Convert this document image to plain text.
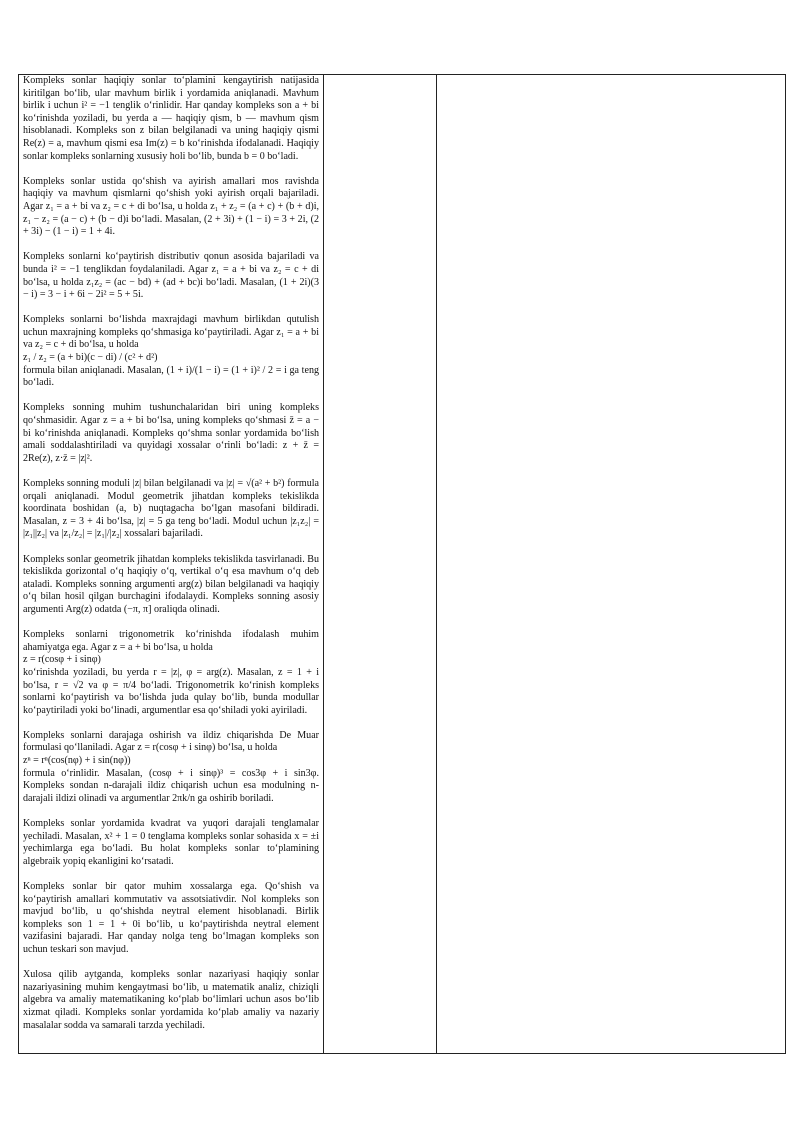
Kompleks sonlar haqiqiy sonlar to‘plamini kengaytirish natijasida kiritilgan bo‘lib, ular mavhum birlik i yordamida aniqlanadi. Mavhum birlik i uchun i² = −1 tenglik o‘rinlidir. Har qanday kompleks son a + bi ko‘rinishda yoziladi, bu yerda a — haqiqiy qism, b — mavhum qism hisoblanadi. Kompleks son z bilan belgilanadi va uning haqiqiy qismi Re(z) = a, mavhum qismi esa Im(z) = b ko‘rinishda ifodalanadi. Haqiqiy sonlar kompleks sonlarning xususiy holi bo‘lib, bunda b = 0 bo‘ladi.
Kompleks sonlar ustida qo‘shish va ayirish amallari mos ravishda haqiqiy va mavhum qismlarni qo‘shish yoki ayirish orqali bajariladi. Agar z₁ = a + bi va z₂ = c + di bo‘lsa, u holda z₁ + z₂ = (a + c) + (b + d)i, z₁ − z₂ = (a − c) + (b − d)i bo‘ladi. Masalan, (2 + 3i) + (1 − i) = 3 + 2i, (2 + 3i) − (1 − i) = 1 + 4i.
Kompleks sonlarni ko‘paytirish distributiv qonun asosida bajariladi va bunda i² = −1 tenglikdan foydalaniladi. Agar z₁ = a + bi va z₂ = c + di bo‘lsa, u holda z₁z₂ = (ac − bd) + (ad + bc)i bo‘ladi. Masalan, (1 + 2i)(3 − i) = 3 − i + 6i − 2i² = 5 + 5i.
Kompleks sonlarni bo‘lishda maxrajdagi mavhum birlikdan qutulish uchun maxrajning kompleks qo‘shmasiga ko‘paytiriladi. Agar z₁ = a + bi va z₂ = c + di bo‘lsa, u holda
z₁ / z₂ = (a + bi)(c − di) / (c² + d²)
formula bilan aniqlanadi. Masalan, (1 + i)/(1 − i) = (1 + i)² / 2 = i ga teng bo‘ladi.
Kompleks sonning muhim tushunchalaridan biri uning kompleks qo‘shmasidir. Agar z = a + bi bo‘lsa, uning kompleks qo‘shmasi z̄ = a − bi ko‘rinishda aniqlanadi. Kompleks qo‘shma sonlar yordamida bo‘lish amali soddalashtiriladi va quyidagi xossalar o‘rinli bo‘ladi: z + z̄ = 2Re(z), z·z̄ = |z|².
Kompleks sonning moduli |z| bilan belgilanadi va |z| = √(a² + b²) formula orqali aniqlanadi. Modul geometrik jihatdan kompleks tekislikda koordinata boshidan (a, b) nuqtagacha bo‘lgan masofani bildiradi. Masalan, z = 3 + 4i bo‘lsa, |z| = 5 ga teng bo‘ladi. Modul uchun |z₁z₂| = |z₁||z₂| va |z₁/z₂| = |z₁|/|z₂| xossalari bajariladi.
Kompleks sonlar geometrik jihatdan kompleks tekislikda tasvirlanadi. Bu tekislikda gorizontal o‘q haqiqiy o‘q, vertikal o‘q esa mavhum o‘q deb ataladi. Kompleks sonning argumenti arg(z) bilan belgilanadi va haqiqiy o‘q bilan hosil qilgan burchagini ifodalaydi. Kompleks sonning asosiy argumenti Arg(z) odatda (−π, π] oraliqda olinadi.
Kompleks sonlarni trigonometrik ko‘rinishda ifodalash muhim ahamiyatga ega. Agar z = a + bi bo‘lsa, u holda
z = r(cosφ + i sinφ)
ko‘rinishda yoziladi, bu yerda r = |z|, φ = arg(z). Masalan, z = 1 + i bo‘lsa, r = √2 va φ = π/4 bo‘ladi. Trigonometrik ko‘rinish kompleks sonlarni ko‘paytirish va bo‘lishda juda qulay bo‘lib, bunda modullar ko‘paytiriladi yoki bo‘linadi, argumentlar esa qo‘shiladi yoki ayiriladi.
Kompleks sonlarni darajaga oshirish va ildiz chiqarishda De Muar formulasi qo‘llaniladi. Agar z = r(cosφ + i sinφ) bo‘lsa, u holda
zⁿ = rⁿ(cos(nφ) + i sin(nφ))
formula o‘rinlidir. Masalan, (cosφ + i sinφ)³ = cos3φ + i sin3φ. Kompleks sondan n-darajali ildiz chiqarish uchun esa modulning n-darajali ildizi olinadi va argumentlar 2πk/n ga oshirib boriladi.
Kompleks sonlar yordamida kvadrat va yuqori darajali tenglamalar yechiladi. Masalan, x² + 1 = 0 tenglama kompleks sonlar sohasida x = ±i yechimlarga ega bo‘ladi. Bu holat kompleks sonlar to‘plamining algebraik yopiq ekanligini ko‘rsatadi.
Kompleks sonlar bir qator muhim xossalarga ega. Qo‘shish va ko‘paytirish amallari kommutativ va assotsiativdir. Nol kompleks son mavjud bo‘lib, u qo‘shishda neytral element hisoblanadi. Birlik kompleks son 1 = 1 + 0i bo‘lib, u ko‘paytirishda neytral element vazifasini bajaradi. Har qanday nolga teng bo‘lmagan kompleks son uchun teskari son mavjud.
Xulosa qilib aytganda, kompleks sonlar nazariyasi haqiqiy sonlar nazariyasining muhim kengaytmasi bo‘lib, u matematik analiz, chiziqli algebra va amaliy matematikaning ko‘plab bo‘limlari uchun asos bo‘lib xizmat qiladi. Kompleks sonlar yordamida ko‘plab amaliy va nazariy masalalar sodda va samarali tarzda yechiladi.
